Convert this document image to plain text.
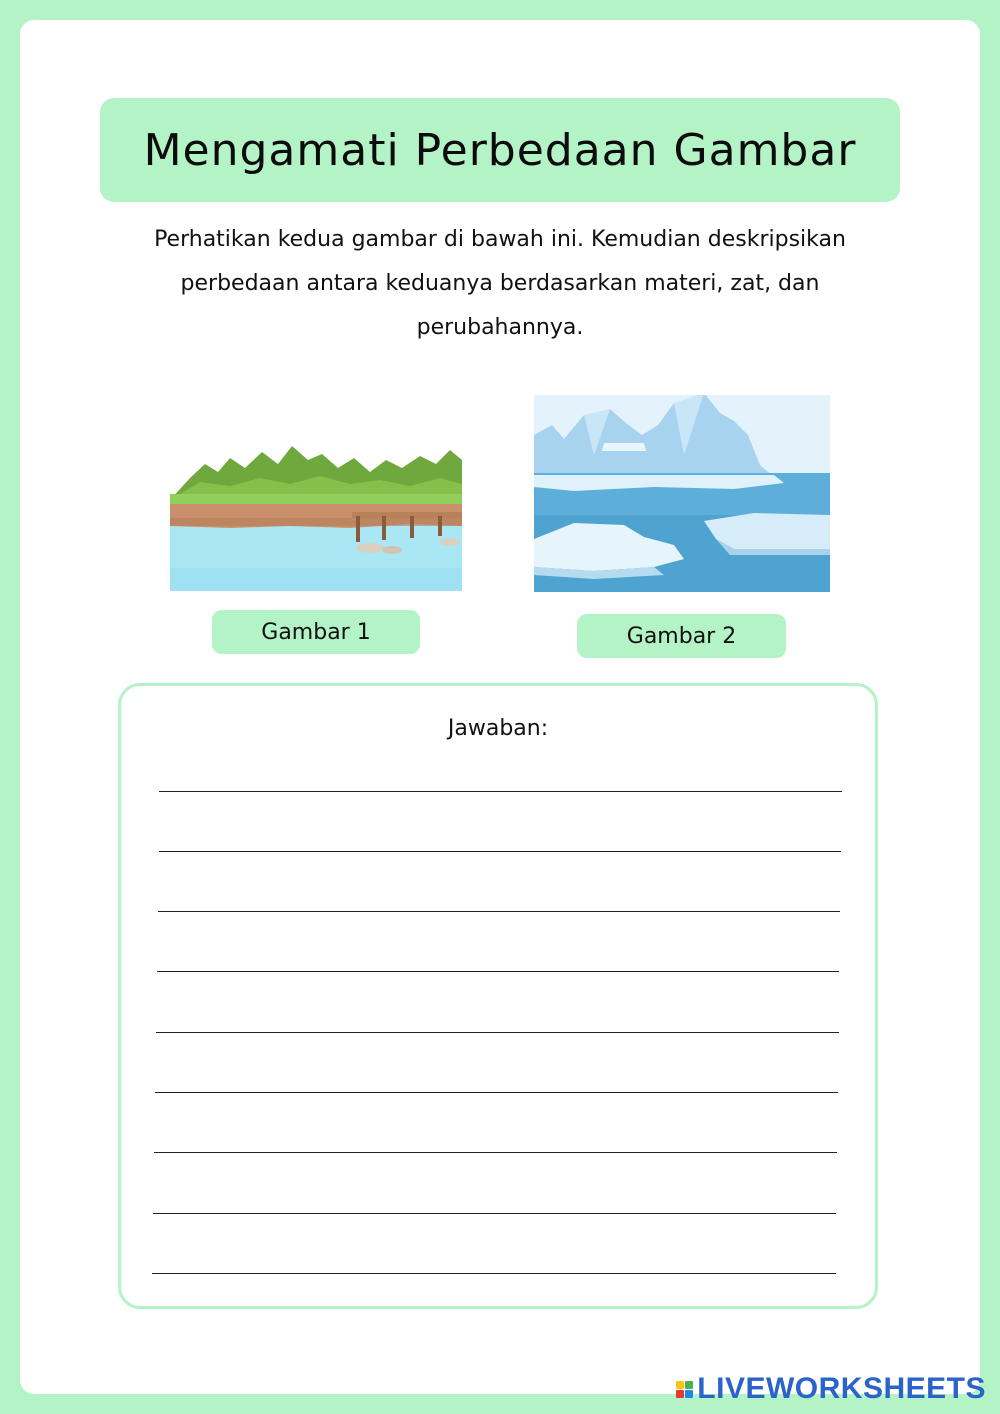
Mengamati Perbedaan Gambar
Perhatikan kedua gambar di bawah ini. Kemudian deskripsikan
perbedaan antara keduanya berdasarkan materi, zat, dan
perubahannya.
Gambar 1	Gambar 2
Jawaban:
LIVEWORKSHEETS
